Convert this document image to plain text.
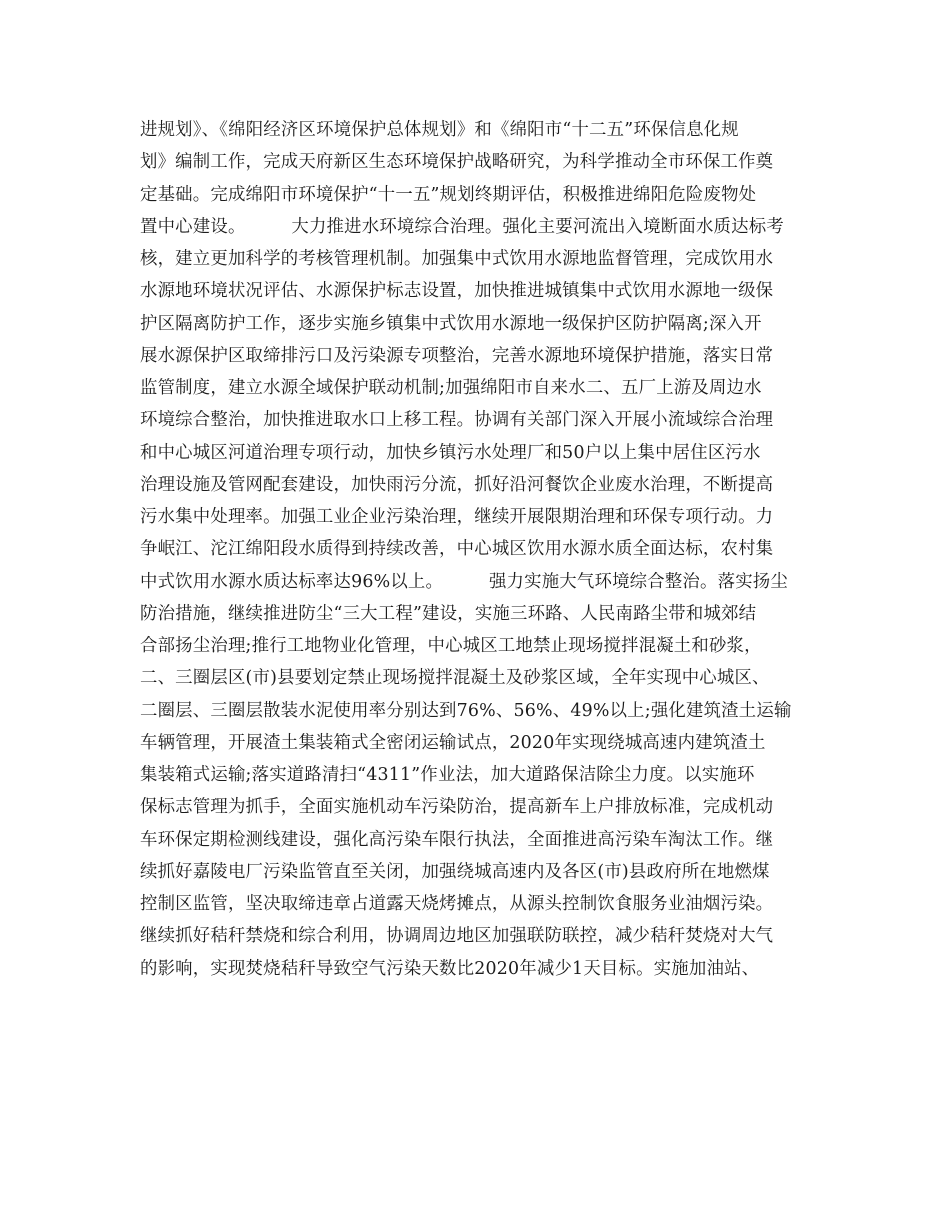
进规划》、《绵阳经济区环境保护总体规划》和《绵阳市“十二五”环保信息化规
划》编制工作，完成天府新区生态环境保护战略研究，为科学推动全市环保工作奠
定基础。完成绵阳市环境保护“十一五”规划终期评估，积极推进绵阳危险废物处
置中心建设。        大力推进水环境综合治理。强化主要河流出入境断面水质达标考
核，建立更加科学的考核管理机制。加强集中式饮用水源地监督管理，完成饮用水
水源地环境状况评估、水源保护标志设置，加快推进城镇集中式饮用水源地一级保
护区隔离防护工作，逐步实施乡镇集中式饮用水源地一级保护区防护隔离;深入开
展水源保护区取缔排污口及污染源专项整治，完善水源地环境保护措施，落实日常
监管制度，建立水源全域保护联动机制;加强绵阳市自来水二、五厂上游及周边水
环境综合整治，加快推进取水口上移工程。协调有关部门深入开展小流域综合治理
和中心城区河道治理专项行动，加快乡镇污水处理厂和50户以上集中居住区污水
治理设施及管网配套建设，加快雨污分流，抓好沿河餐饮企业废水治理，不断提高
污水集中处理率。加强工业企业污染治理，继续开展限期治理和环保专项行动。力
争岷江、沱江绵阳段水质得到持续改善，中心城区饮用水源水质全面达标，农村集
中式饮用水源水质达标率达96%以上。        强力实施大气环境综合整治。落实扬尘
防治措施，继续推进防尘“三大工程”建设，实施三环路、人民南路尘带和城郊结
合部扬尘治理;推行工地物业化管理，中心城区工地禁止现场搅拌混凝土和砂浆，
二、三圈层区(市)县要划定禁止现场搅拌混凝土及砂浆区域，全年实现中心城区、
二圈层、三圈层散装水泥使用率分别达到76%、56%、49%以上;强化建筑渣土运输
车辆管理，开展渣土集装箱式全密闭运输试点，2020年实现绕城高速内建筑渣土
集装箱式运输;落实道路清扫“4311”作业法，加大道路保洁除尘力度。以实施环
保标志管理为抓手，全面实施机动车污染防治，提高新车上户排放标准，完成机动
车环保定期检测线建设，强化高污染车限行执法，全面推进高污染车淘汰工作。继
续抓好嘉陵电厂污染监管直至关闭，加强绕城高速内及各区(市)县政府所在地燃煤
控制区监管，坚决取缔违章占道露天烧烤摊点，从源头控制饮食服务业油烟污染。
继续抓好秸秆禁烧和综合利用，协调周边地区加强联防联控，减少秸秆焚烧对大气
的影响，实现焚烧秸秆导致空气污染天数比2020年减少1天目标。实施加油站、
